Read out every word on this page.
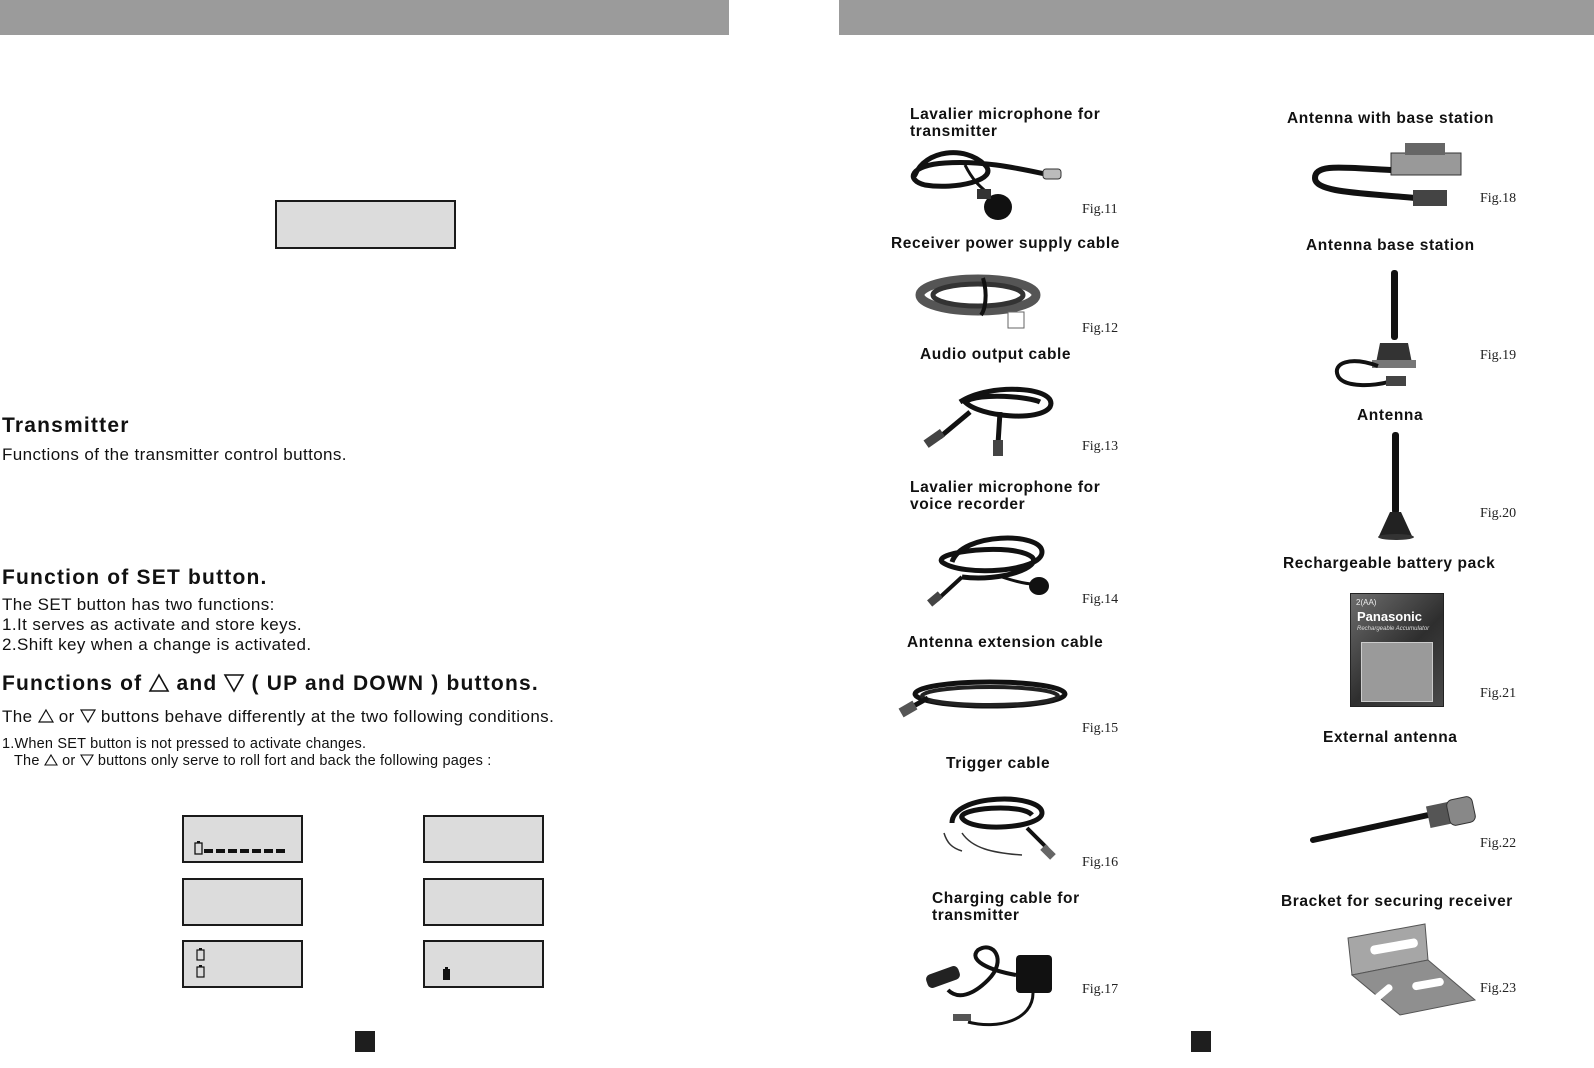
Transmitter

Functions of the transmitter control buttons.

Function of SET button.

The SET button has two functions:

1.It serves as activate and store keys.

2.Shift key when a change is activated.

Functions of and ( UP and DOWN ) buttons.

The or buttons behave differently at the two following conditions.

1.When SET button is not pressed to activate changes.

The or buttons only serve to roll fort and back the following pages :

Lavalier microphone for
transmitter
Fig.11
Receiver power supply cable
Fig.12
Audio output cable
Fig.13
Lavalier microphone for
voice recorder
Fig.14
Antenna extension cable
Fig.15
Trigger cable
Fig.16
Charging cable for
transmitter
Fig.17
Antenna with base station
Fig.18
Antenna base station
Fig.19
Antenna
Fig.20
Rechargeable battery pack
2(AA)
Panasonic
Rechargeable Accumulator
Fig.21
External antenna
Fig.22
Bracket for securing receiver
Fig.23
